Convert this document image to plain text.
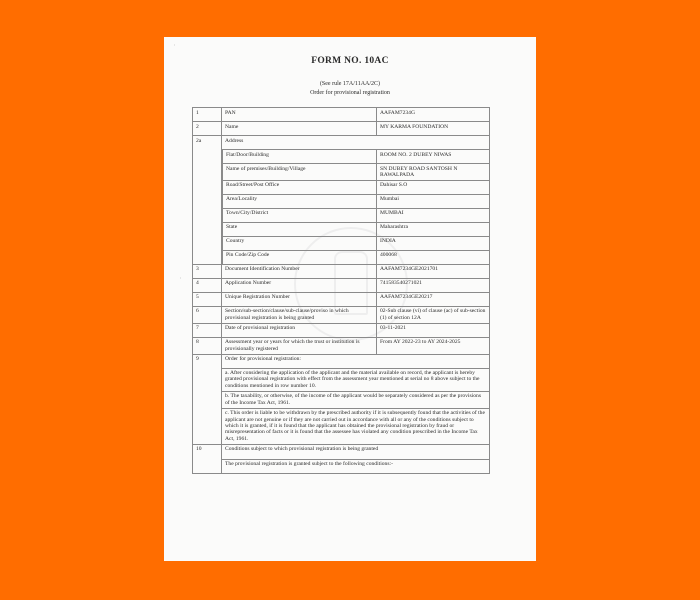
'
'
FORM NO. 10AC
(See rule 17A/11AA/2C)
Order for provisional registration
1	PAN	AAFAM7234G
2	Name	MY KARMA FOUNDATION
2a	Address	
	Flat/Door/Building	ROOM NO. 2 DUBEY NIWAS
	Name of premises/Building/Village	SN DUBEY ROAD SANTOSH N RAWALPADA
	Road/Street/Post Office	Dahisar S.O
	Area/Locality	Mumbai
	Town/City/District	MUMBAI
	State	Maharashtra
	Country	INDIA
	Pin Code/Zip Code	400068
3	Document Identification Number	AAFAM7234GE2021701
4	Application Number	741583540271021
5	Unique Registration Number	AAFAM7234GE20217
6	Section/sub-section/clause/sub-clause/proviso in which provisional registration is being granted	02-Sub clause (vi) of clause (ac) of sub-section (1) of section 12A
7	Date of provisional registration	03-11-2021
8	Assessment year or years for which the trust or institution is provisionally registered	From AY 2022-23 to AY 2024-2025
9	Order for provisional registration:	
	a. After considering the application of the applicant and the material available on record, the applicant is hereby granted provisional registration with effect from the assessment year mentioned at serial no 8 above subject to the conditions mentioned in row number 10.	
	b. The taxability, or otherwise, of the income of the applicant would be separately considered as per the provisions of the Income Tax Act, 1961.	
	c. This order is liable to be withdrawn by the prescribed authority if it is subsequently found that the activities of the applicant are not genuine or if they are not carried out in accordance with all or any of the conditions subject to which it is granted, if it is found that the applicant has obtained the provisional registration by fraud or misrepresentation of facts or it is found that the assessee has violated any condition prescribed in the Income Tax Act, 1961.	
10	Conditions subject to which provisional registration is being granted	
	The provisional registration is granted subject to the following conditions:-	
